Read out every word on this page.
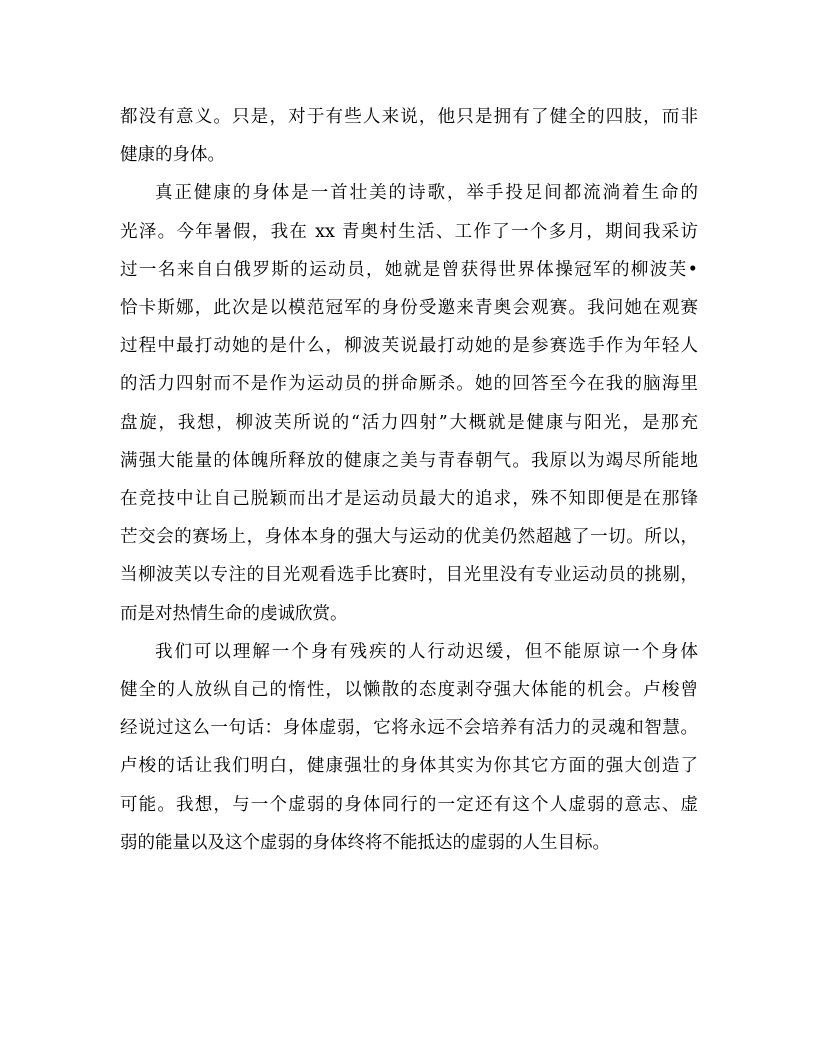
都没有意义。只是，对于有些人来说，他只是拥有了健全的四肢，而非
健康的身体。

真正健康的身体是一首壮美的诗歌，举手投足间都流淌着生命的
光泽。今年暑假，我在 xx 青奥村生活、工作了一个多月，期间我采访
过一名来自白俄罗斯的运动员，她就是曾获得世界体操冠军的柳波芙•
恰卡斯娜，此次是以模范冠军的身份受邀来青奥会观赛。我问她在观赛
过程中最打动她的是什么，柳波芙说最打动她的是参赛选手作为年轻人
的活力四射而不是作为运动员的拼命厮杀。她的回答至今在我的脑海里
盘旋，我想，柳波芙所说的“活力四射”大概就是健康与阳光，是那充
满强大能量的体魄所释放的健康之美与青春朝气。我原以为竭尽所能地
在竞技中让自己脱颖而出才是运动员最大的追求，殊不知即便是在那锋
芒交会的赛场上，身体本身的强大与运动的优美仍然超越了一切。所以，
当柳波芙以专注的目光观看选手比赛时，目光里没有专业运动员的挑剔，
而是对热情生命的虔诚欣赏。

我们可以理解一个身有残疾的人行动迟缓，但不能原谅一个身体
健全的人放纵自己的惰性，以懒散的态度剥夺强大体能的机会。卢梭曾
经说过这么一句话：身体虚弱，它将永远不会培养有活力的灵魂和智慧。
卢梭的话让我们明白，健康强壮的身体其实为你其它方面的强大创造了
可能。我想，与一个虚弱的身体同行的一定还有这个人虚弱的意志、虚
弱的能量以及这个虚弱的身体终将不能抵达的虚弱的人生目标。
